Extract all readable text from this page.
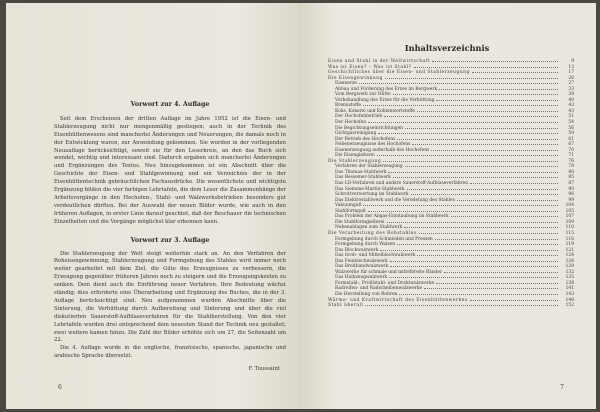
Vorwort zur 4. Auflage

Seit dem Erscheinen der dritten Auflage im Jahre 1952 ist die Eisen- und Stahlerzeugung nicht nur mengenmäßig gestiegen; auch in der Technik des Eisenhüttenwesens sind mancherlei Änderungen und Neuerungen, die damals noch in der Entwicklung waren, zur Anwendung gekommen. Sie wurden in der vorliegenden Neuauflage berücksichtigt, soweit sie für den Leserkreis, an den das Buch sich wendet, wichtig und interessant sind. Dadurch ergaben sich mancherlei Änderungen und Ergänzungen des Textes. Neu hinzugekommen ist ein Abschnitt über die Geschichte der Eisen- und Stahlgewinnung und ein Verzeichnis der in der Eisenhüttentechnik gebräuchlichen Fachausdrücke. Die wesentlichste und wichtigste Ergänzung bilden die vier farbigen Lehrtafeln, die dem Leser die Zusammenhänge der Arbeitsvorgänge in den Hochofen-, Stahl- und Walzwerksbetrieben besonders gut verdeutlichen dürften. Bei der Auswahl der neuen Bilder wurde, wie auch in den früheren Auflagen, in erster Linie darauf geachtet, daß der Beschauer die technischen Einzelheiten und die Vorgänge möglichst klar erkennen kann.

Vorwort zur 3. Auflage

Die Stahlerzeugung der Welt steigt weiterhin stark an. An den Verfahren der Roheisengewinnung, Stahlerzeugung und Formgebung des Stahles wird immer noch weiter gearbeitet mit dem Ziel, die Güte des Erzeugnisses zu verbessern, die Erzeugung gegenüber früheren Jahren noch zu steigern und die Erzeugungskosten zu senken. Dem dient auch die Einführung neuer Verfahren. Ihre Bedeutung wächst ständig; dies erforderte eine Überarbeitung und Ergänzung des Buches, die in der 3. Auflage berücksichtigt sind. Neu aufgenommen wurden Abschnitte über die Sinterung, die Verhüttung durch Aufbereitung und Sinterung und über die viel diskutierten Sauerstoff-Aufblaseverfahren für die Stahlherstellung. Von den vier Lehrtafeln wurden drei entsprechend dem neuesten Stand der Technik neu gestaltet; zwei weitere kamen hinzu. Die Zahl der Bilder erhöhte sich um 27, die Seitenzahl um 22.

Die 4. Auflage wurde in die englische, französische, spanische, japanische und arabische Sprache übersetzt.

F. Toussaint
6
Inhaltsverzeichnis
Eisen und Stahl in der Weltwirtschaft	9
Was ist Eisen? – Was ist Stahl?	13
Geschichtliches über die Eisen- und Stahlerzeugung	17
Die Eisengewinnung	26
Eisenerze	27
Abbau und Förderung des Erzes im Bergwerk	33
Vom Bergwerk zur Hütte	38
Vorbehandlung des Erzes für die Verhüttung	40
Brennstoffe	43
Koks, Kokerei und Kohlenwertstoffe	43
Der Hochofenbetrieb	51
Der Hochofen	54
Die Begichtungseinrichtungen	56
Gichtgasreinigung	59
Der Betrieb des Hochofens	61
Nebenerzeugnisse des Hochofens	67
Eisenerzeugung außerhalb des Hochofens	70
Die Eisengießerei	71
Die Stahlerzeugung	76
Verfahren der Stahlerzeugung	78
Das Thomas-Stahlwerk	80
Das Bessemer-Stahlwerk	85
Das LD-Verfahren und andere Sauerstoff-Aufblaseverfahren	87
Das Siemens-Martin-Stahlwerk	90
Schrottverwertung im Stahlwerk	96
Das Elektrostahlwerk und die Veredelung des Stahles	99
Vakuumguß	104
Stahlformguß	105
Das Problem der Abgas-Entstaubung im Stahlwerk	107
Die Stahlformgießerei	109
Nebenanlagen zum Stahlwerk	110
Die Verarbeitung des Rohstahles	115
Formgebung durch Schmieden und Pressen	116
Formgebung durch Walzen	119
Das Blockwalzwerk	121
Das Grob- und Mittelblechwalzwerk	124
Das Feinblechwalzwerk	126
Das Breitbandwalzwerk	128
Walzwerke für schmale und mittelbreite Bänder	132
Das Halbzeugwalzwerk	135
Formstahl-, Profilstahl- und Drahtwalzwerke	138
Radreifen- und Radscheibenwalzwerke	141
Die Herstellung von Rohren	143
Wärme- und Kraftwirtschaft des Eisenhüttenwerkes	148
Stahl überall	152
7
